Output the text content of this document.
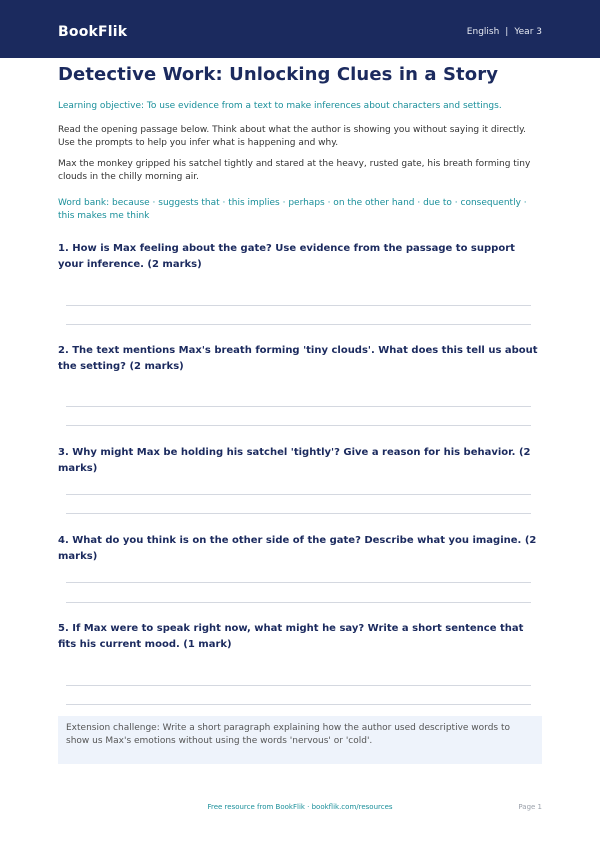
BookFlik	English | Year 3
Detective Work: Unlocking Clues in a Story
Learning objective: To use evidence from a text to make inferences about characters and settings.
Read the opening passage below. Think about what the author is showing you without saying it directly. Use the prompts to help you infer what is happening and why.
Max the monkey gripped his satchel tightly and stared at the heavy, rusted gate, his breath forming tiny clouds in the chilly morning air.
Word bank: because · suggests that · this implies · perhaps · on the other hand · due to · consequently · this makes me think
1. How is Max feeling about the gate? Use evidence from the passage to support your inference. (2 marks)
2. The text mentions Max's breath forming 'tiny clouds'. What does this tell us about the setting? (2 marks)
3. Why might Max be holding his satchel 'tightly'? Give a reason for his behavior. (2 marks)
4. What do you think is on the other side of the gate? Describe what you imagine. (2 marks)
5. If Max were to speak right now, what might he say? Write a short sentence that fits his current mood. (1 mark)
Extension challenge: Write a short paragraph explaining how the author used descriptive words to show us Max's emotions without using the words 'nervous' or 'cold'.
Free resource from BookFlik · bookflik.com/resources	Page 1
